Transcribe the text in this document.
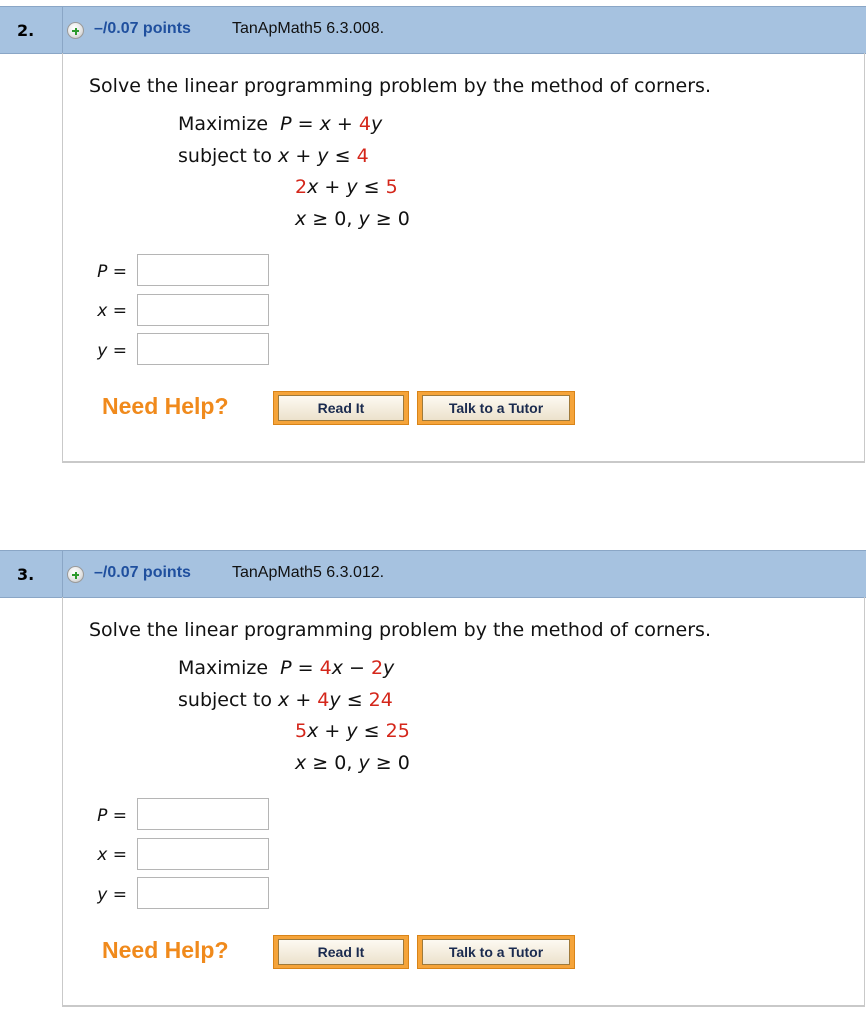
2.	–/0.07 points	TanApMath5 6.3.008.
Solve the linear programming problem by the method of corners.
Maximize P = x + 4y
subject to x + y ≤ 4
2x + y ≤ 5
x ≥ 0, y ≥ 0
P =
x =
y =
Need Help?	Read It	Talk to a Tutor
3.	–/0.07 points	TanApMath5 6.3.012.
Solve the linear programming problem by the method of corners.
Maximize P = 4x − 2y
subject to x + 4y ≤ 24
5x + y ≤ 25
x ≥ 0, y ≥ 0
P =
x =
y =
Need Help?	Read It	Talk to a Tutor
